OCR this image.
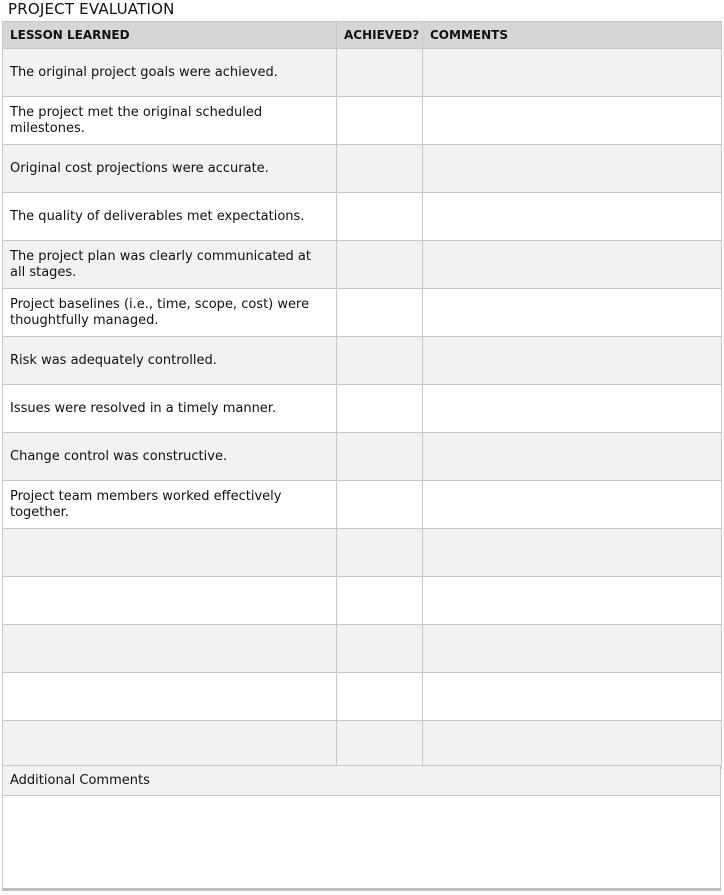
PROJECT EVALUATION
LESSON LEARNED	ACHIEVED?	COMMENTS
The original project goals were achieved.		
The project met the original scheduled milestones.		
Original cost projections were accurate.		
The quality of deliverables met expectations.		
The project plan was clearly communicated at all stages.		
Project baselines (i.e., time, scope, cost) were thoughtfully managed.		
Risk was adequately controlled.		
Issues were resolved in a timely manner.		
Change control was constructive.		
Project team members worked effectively together.		

Additional Comments
